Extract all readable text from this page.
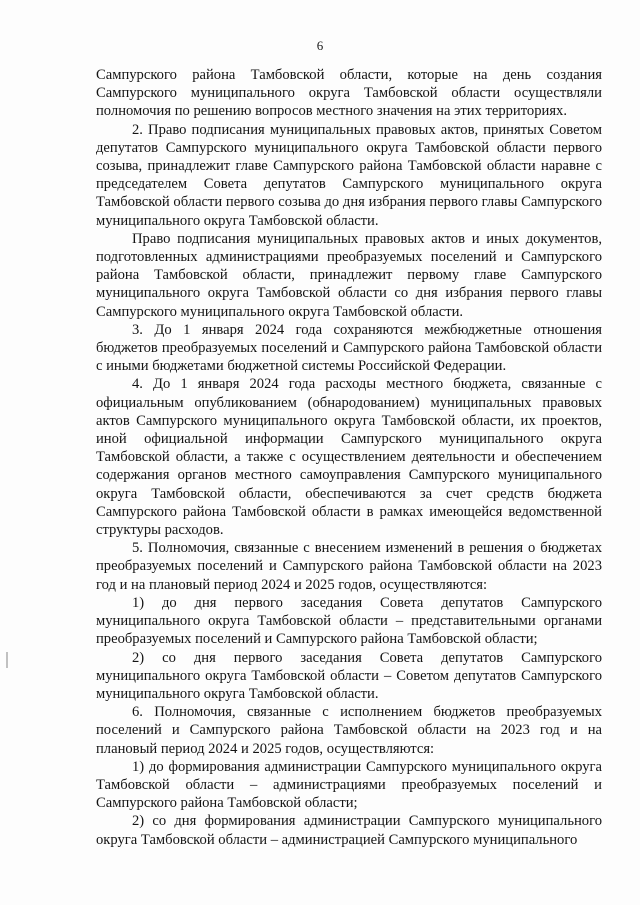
6

Сампурского района Тамбовской области, которые на день создания Сампурского муниципального округа Тамбовской области осуществляли полномочия по решению вопросов местного значения на этих территориях.

2. Право подписания муниципальных правовых актов, принятых Советом депутатов Сампурского муниципального округа Тамбовской области первого созыва, принадлежит главе Сампурского района Тамбовской области наравне с председателем Совета депутатов Сампурского муниципального округа Тамбовской области первого созыва до дня избрания первого главы Сампурского муниципального округа Тамбовской области.

Право подписания муниципальных правовых актов и иных документов, подготовленных администрациями преобразуемых поселений и Сампурского района Тамбовской области, принадлежит первому главе Сампурского муниципального округа Тамбовской области со дня избрания первого главы Сампурского муниципального округа Тамбовской области.

3. До 1 января 2024 года сохраняются межбюджетные отношения бюджетов преобразуемых поселений и Сампурского района Тамбовской области с иными бюджетами бюджетной системы Российской Федерации.

4. До 1 января 2024 года расходы местного бюджета, связанные с официальным опубликованием (обнародованием) муниципальных правовых актов Сампурского муниципального округа Тамбовской области, их проектов, иной официальной информации Сампурского муниципального округа Тамбовской области, а также с осуществлением деятельности и обеспечением содержания органов местного самоуправления Сампурского муниципального округа Тамбовской области, обеспечиваются за счет средств бюджета Сампурского района Тамбовской области в рамках имеющейся ведомственной структуры расходов.

5. Полномочия, связанные с внесением изменений в решения о бюджетах преобразуемых поселений и Сампурского района Тамбовской области на 2023 год и на плановый период 2024 и 2025 годов, осуществляются:

1) до дня первого заседания Совета депутатов Сампурского муниципального округа Тамбовской области – представительными органами преобразуемых поселений и Сампурского района Тамбовской области;

2) со дня первого заседания Совета депутатов Сампурского муниципального округа Тамбовской области – Советом депутатов Сампурского муниципального округа Тамбовской области.

6. Полномочия, связанные с исполнением бюджетов преобразуемых поселений и Сампурского района Тамбовской области на 2023 год и на плановый период 2024 и 2025 годов, осуществляются:

1) до формирования администрации Сампурского муниципального округа Тамбовской области – администрациями преобразуемых поселений и Сампурского района Тамбовской области;

2) со дня формирования администрации Сампурского муниципального округа Тамбовской области – администрацией Сампурского муниципального
